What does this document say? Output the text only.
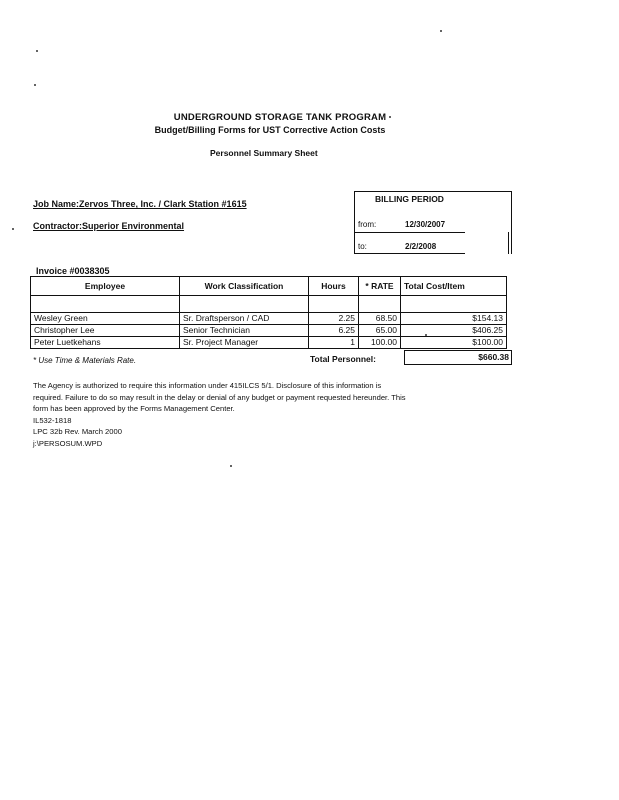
UNDERGROUND STORAGE TANK PROGRAM
Budget/Billing Forms for UST Corrective Action Costs
Personnel Summary Sheet
Job Name:Zervos Three, Inc. / Clark Station #1615
Contractor:Superior Environmental
BILLING PERIOD
from:	12/30/2007
to:	2/2/2008
Invoice #0038305
Employee	Work Classification	Hours	* RATE	Total Cost/Item

Wesley Green	Sr. Draftsperson / CAD	2.25	68.50	$154.13
Christopher Lee	Senior Technician	6.25	65.00	$406.25
Peter Luetkehans	Sr. Project Manager	1	100.00	$100.00
* Use Time & Materials Rate.	Total Personnel:	$660.38

The Agency is authorized to require this information under 415ILCS 5/1. Disclosure of this information is required. Failure to do so may result in the delay or denial of any budget or payment requested hereunder. This form has been approved by the Forms Management Center.

IL532-1818

LPC 32b Rev. March 2000

j:\PERSOSUM.WPD
